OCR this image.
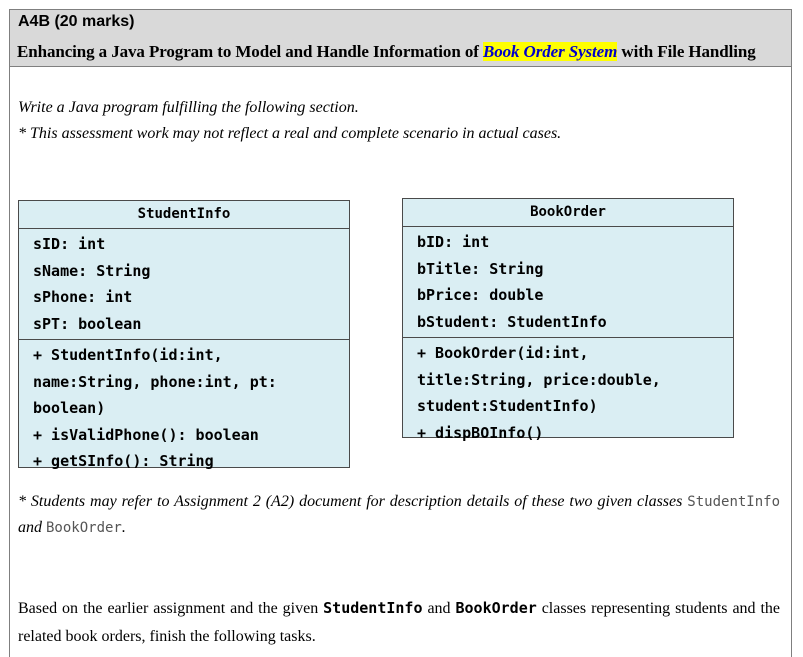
A4B (20 marks)
Enhancing a Java Program to Model and Handle Information of Book Order System with File Handling
Write a Java program fulfilling the following section.
* This assessment work may not reflect a real and complete scenario in actual cases.
StudentInfo
sID: int
sName: String
sPhone: int
sPT: boolean
+ StudentInfo(id:int,
name:String, phone:int, pt:
boolean)
+ isValidPhone(): boolean
+ getSInfo(): String
BookOrder
bID: int
bTitle: String
bPrice: double
bStudent: StudentInfo
+ BookOrder(id:int,
title:String, price:double,
student:StudentInfo)
+ dispBOInfo()
* Students may refer to Assignment 2 (A2) document for description details of these two given classes StudentInfo and BookOrder.
Based on the earlier assignment and the given StudentInfo and BookOrder classes representing students and the related book orders, finish the following tasks.
